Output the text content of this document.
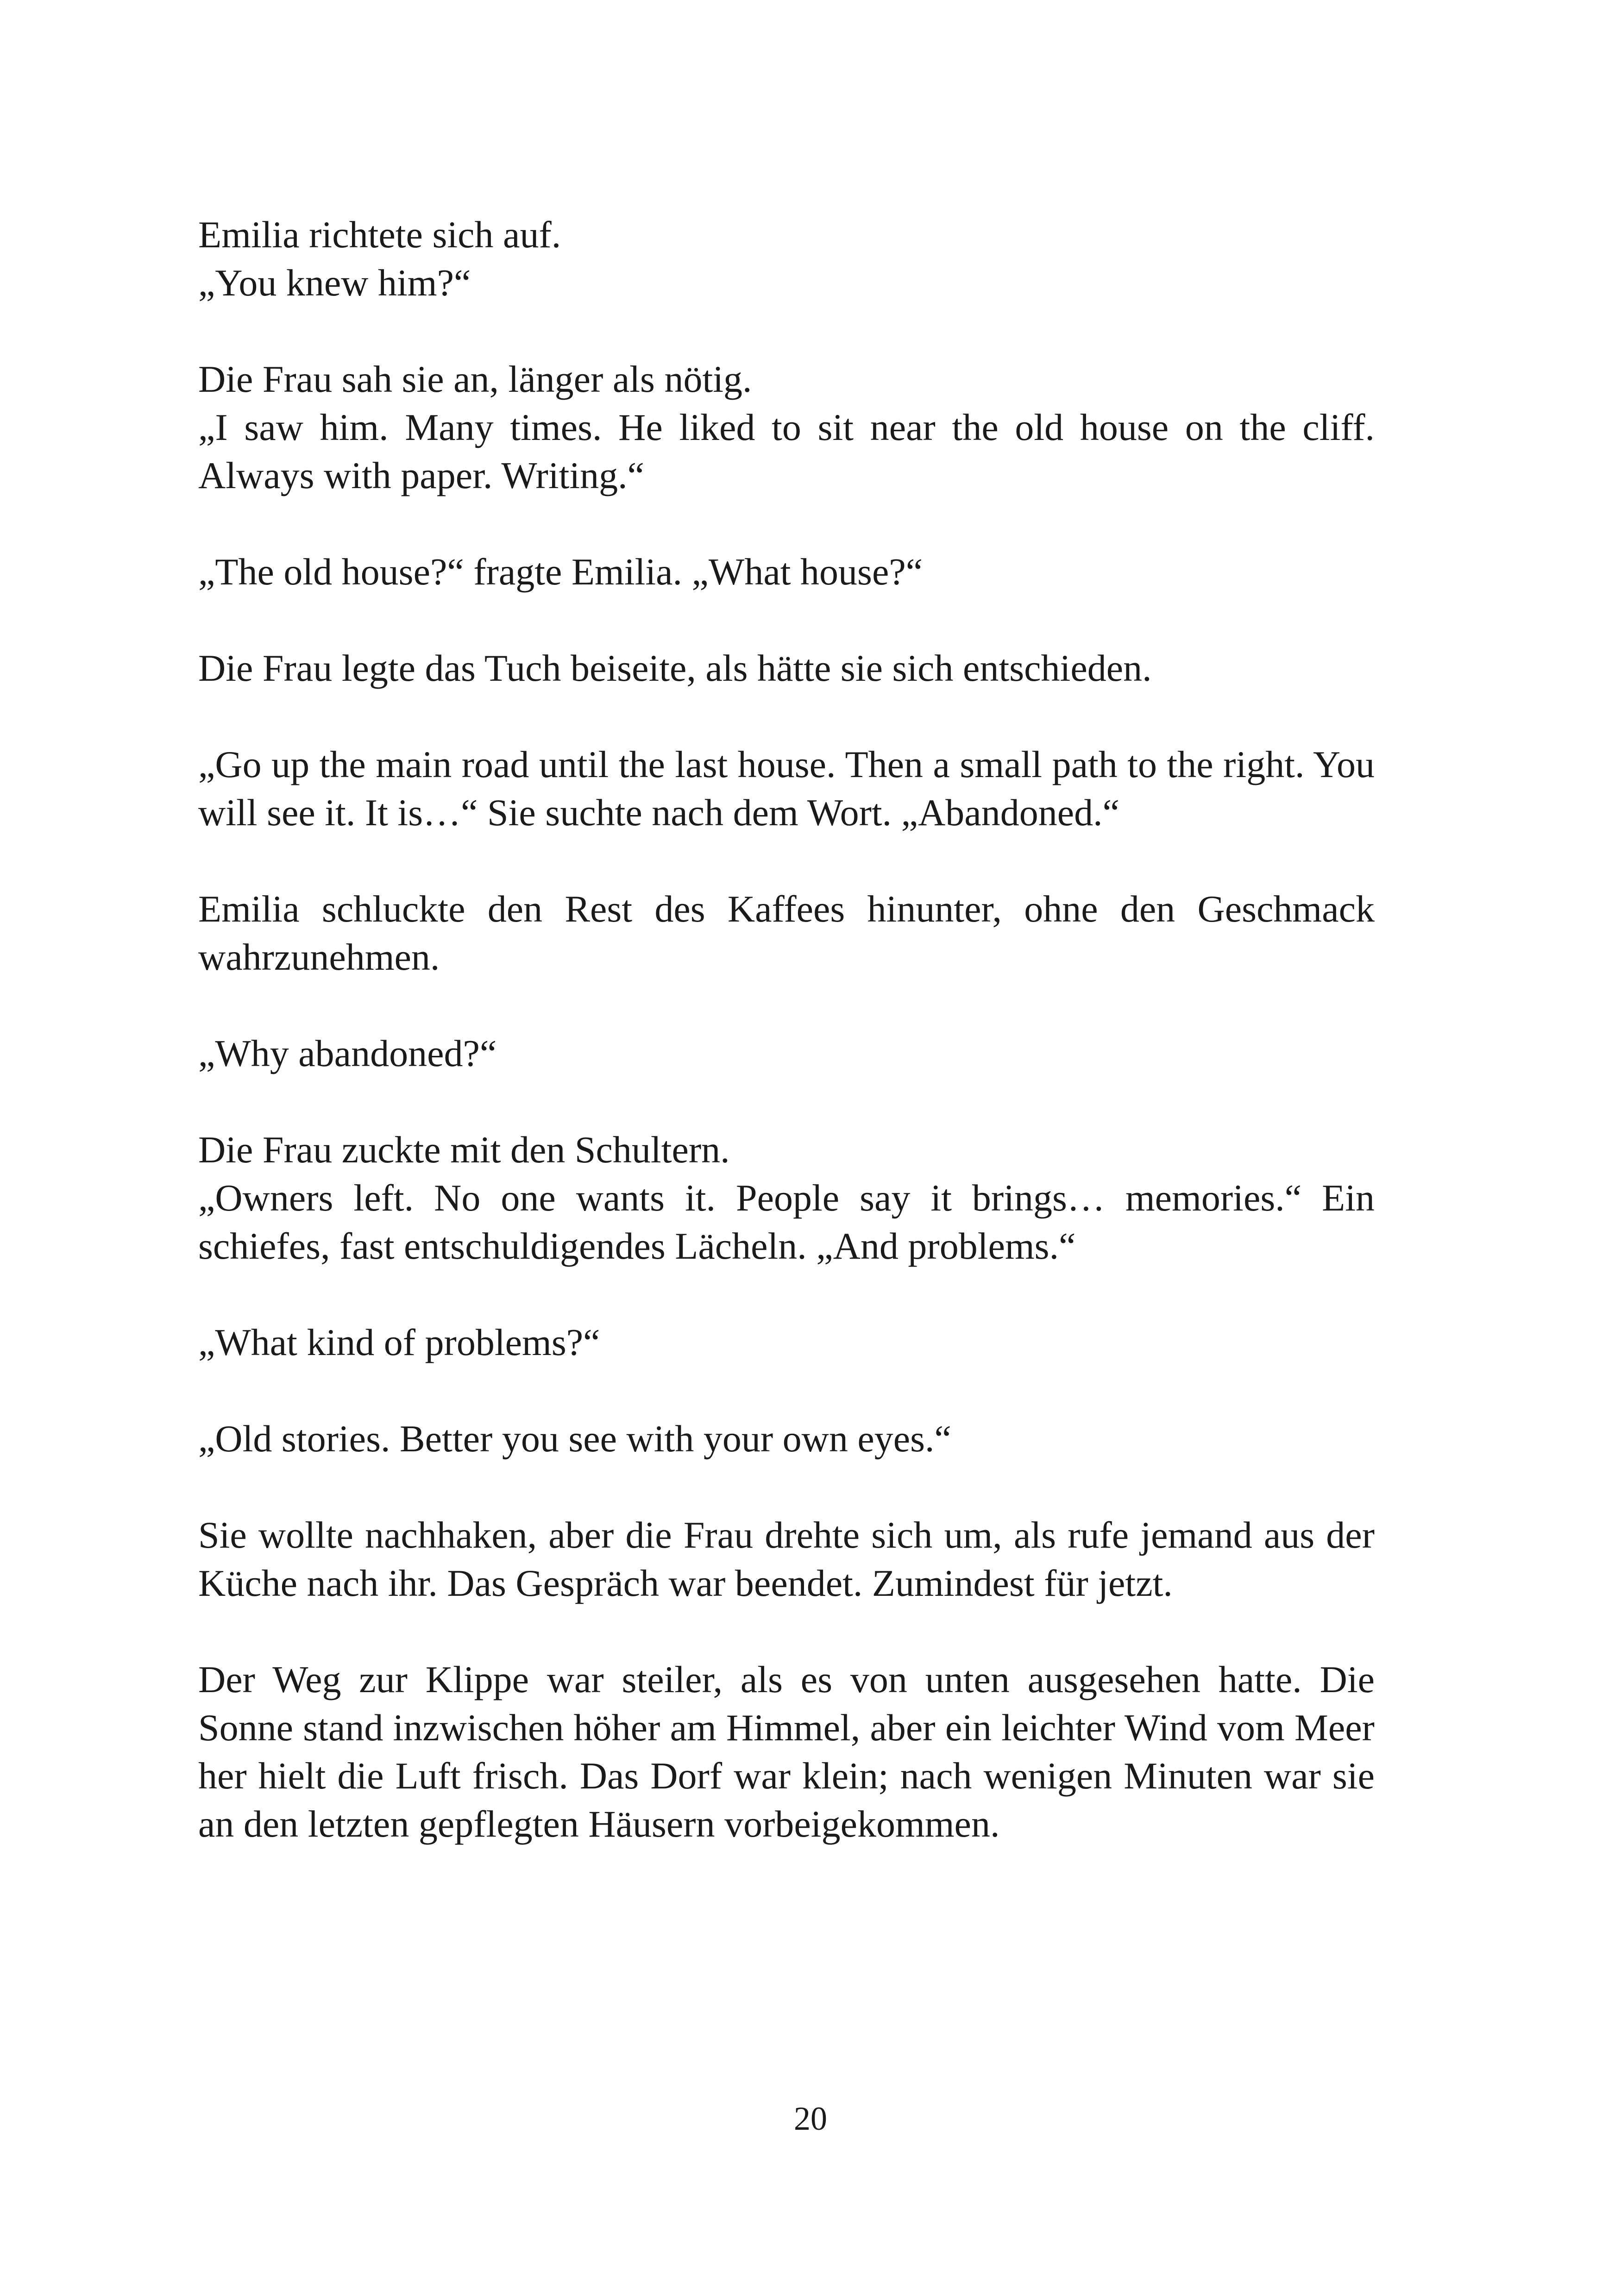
Emilia richtete sich auf.
„You knew him?“

Die Frau sah sie an, länger als nötig.
„I saw him. Many times. He liked to sit near the old house on the cliff. Always with paper. Writing.“

„The old house?“ fragte Emilia. „What house?“

Die Frau legte das Tuch beiseite, als hätte sie sich entschieden.

„Go up the main road until the last house. Then a small path to the right. You will see it. It is…“ Sie suchte nach dem Wort. „Abandoned.“

Emilia schluckte den Rest des Kaffees hinunter, ohne den Geschmack wahrzunehmen.

„Why abandoned?“

Die Frau zuckte mit den Schultern.
„Owners left. No one wants it. People say it brings… memories.“ Ein schiefes, fast entschuldigendes Lächeln. „And problems.“

„What kind of problems?“

„Old stories. Better you see with your own eyes.“

Sie wollte nachhaken, aber die Frau drehte sich um, als rufe jemand aus der Küche nach ihr. Das Gespräch war beendet. Zumindest für jetzt.

Der Weg zur Klippe war steiler, als es von unten ausgesehen hatte. Die Sonne stand inzwischen höher am Himmel, aber ein leichter Wind vom Meer her hielt die Luft frisch. Das Dorf war klein; nach wenigen Minuten war sie an den letzten gepflegten Häusern vorbeigekommen.

20
